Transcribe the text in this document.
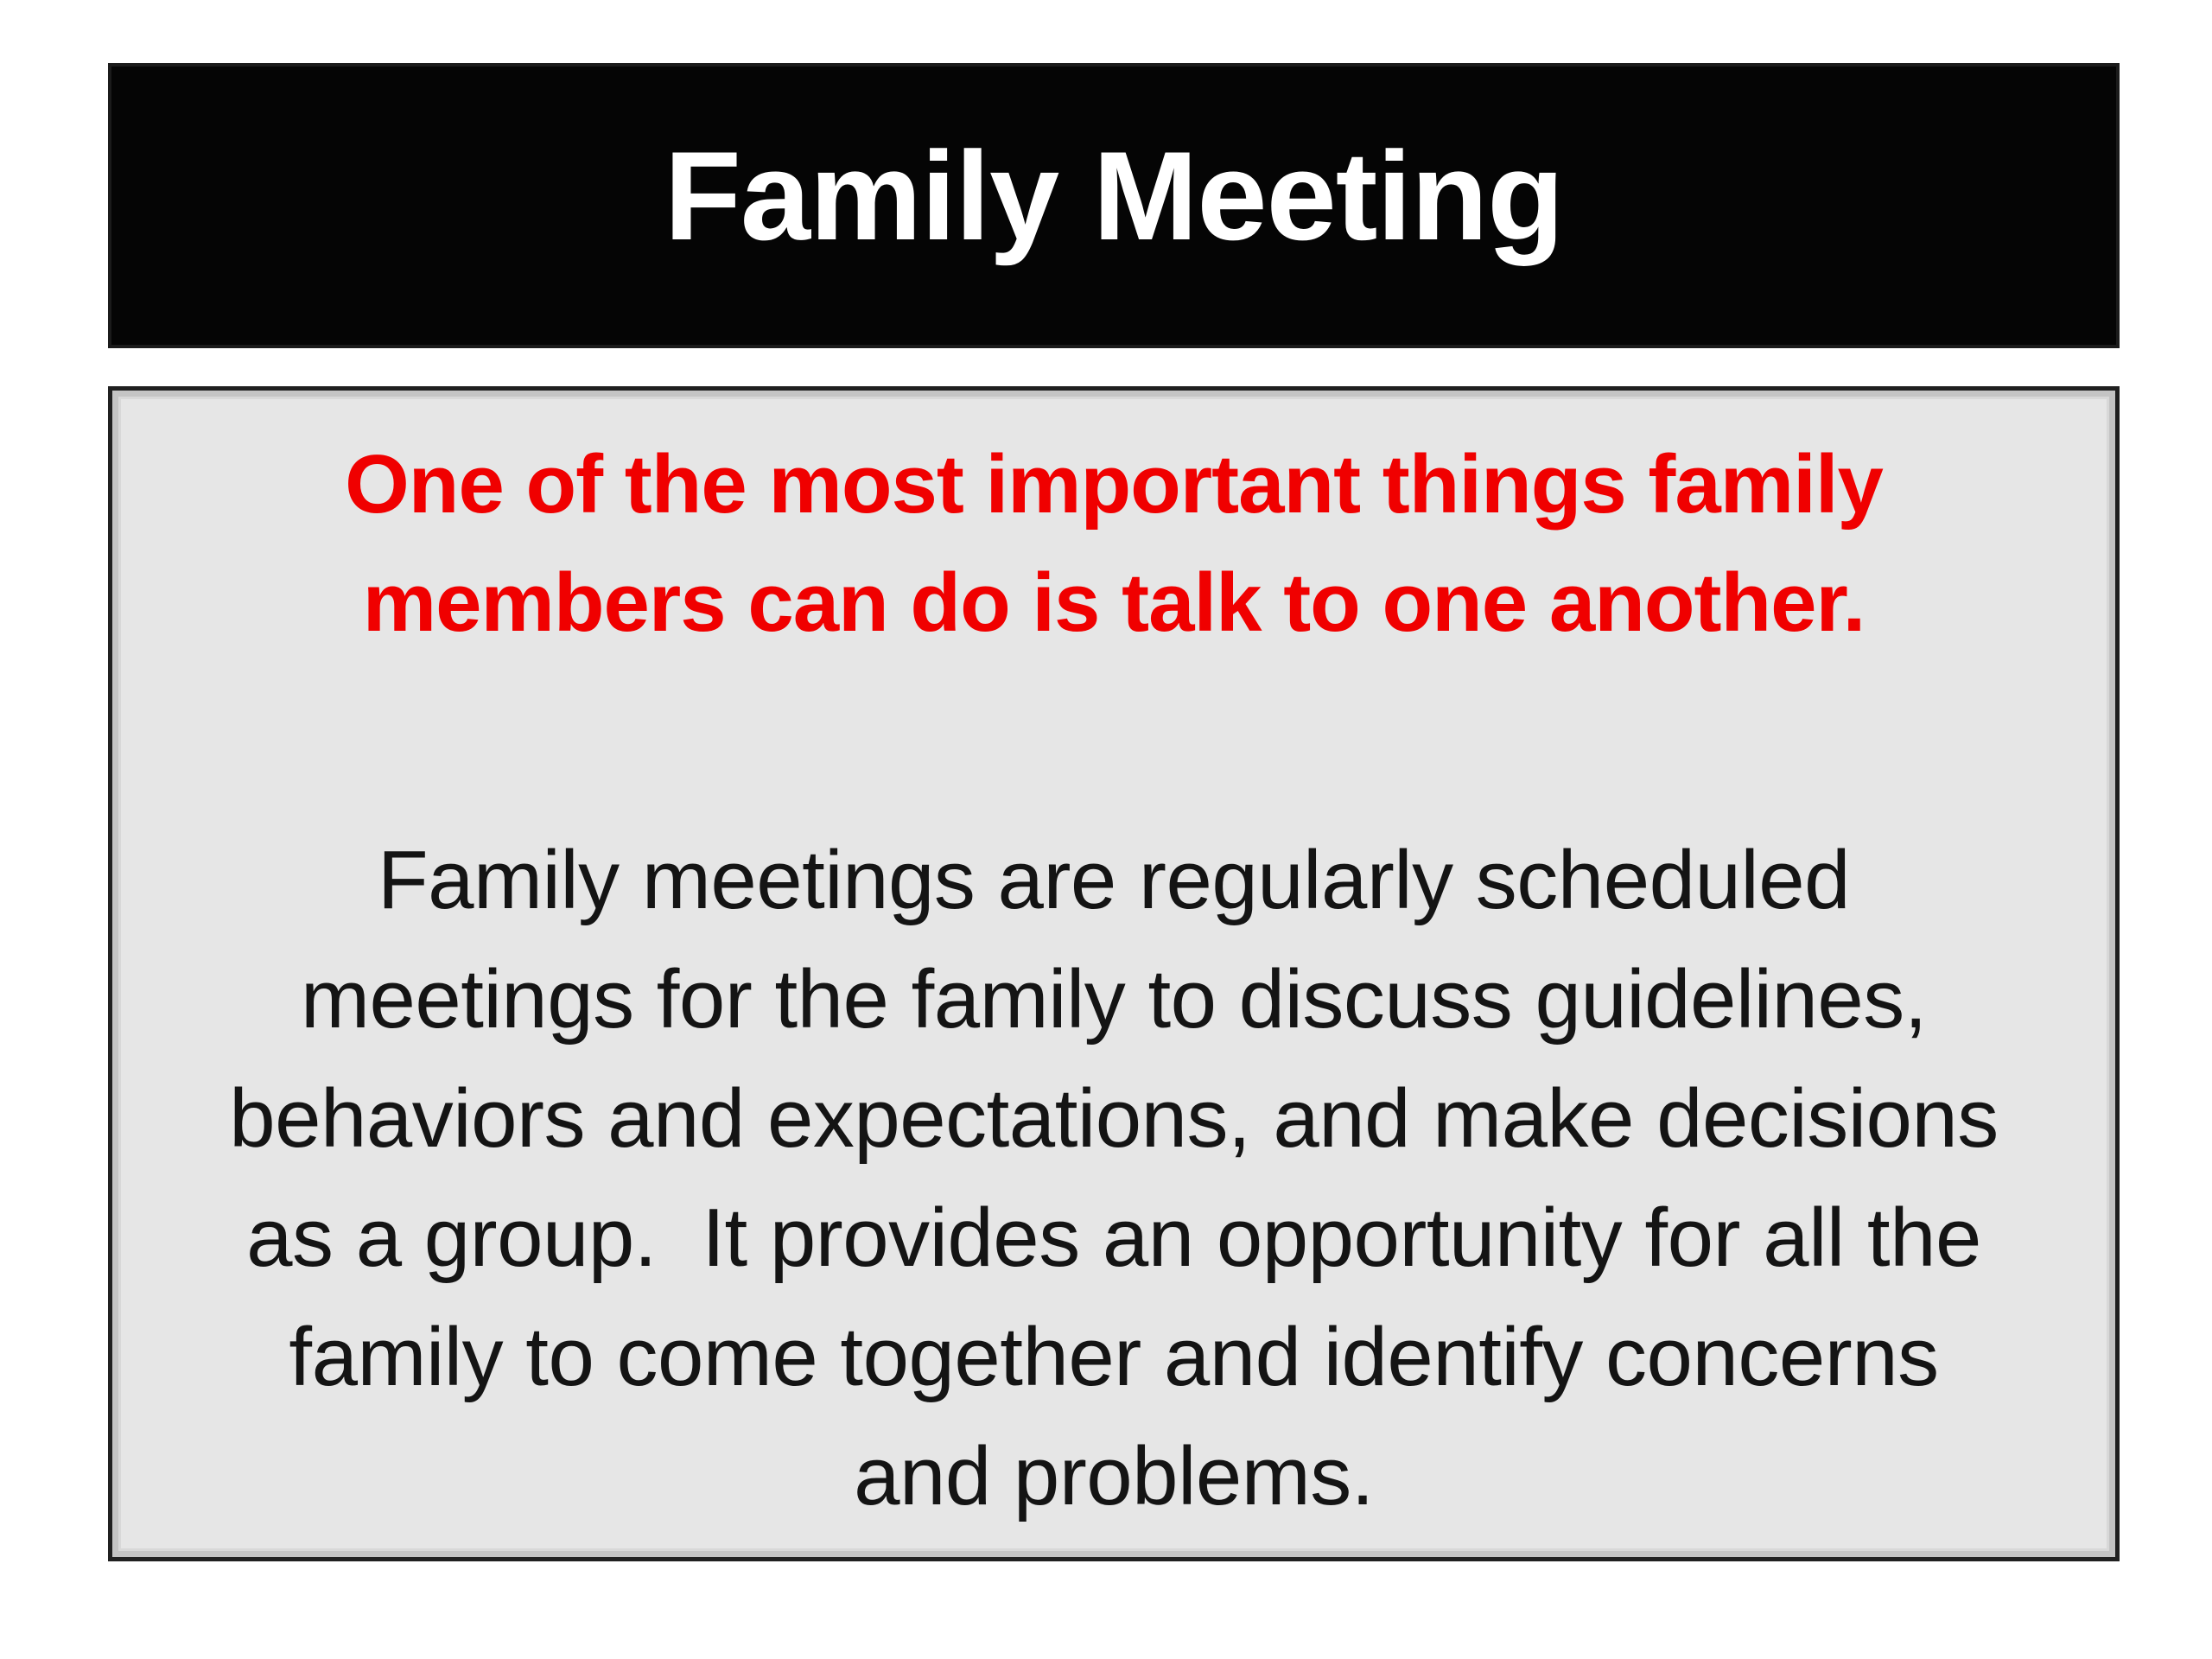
Family Meeting
One of the most important things family
members can do is talk to one another.
Family meetings are regularly scheduled
meetings for the family to discuss guidelines,
behaviors and expectations, and make decisions
as a group.  It provides an opportunity for all the
family to come together and identify concerns
and problems.
